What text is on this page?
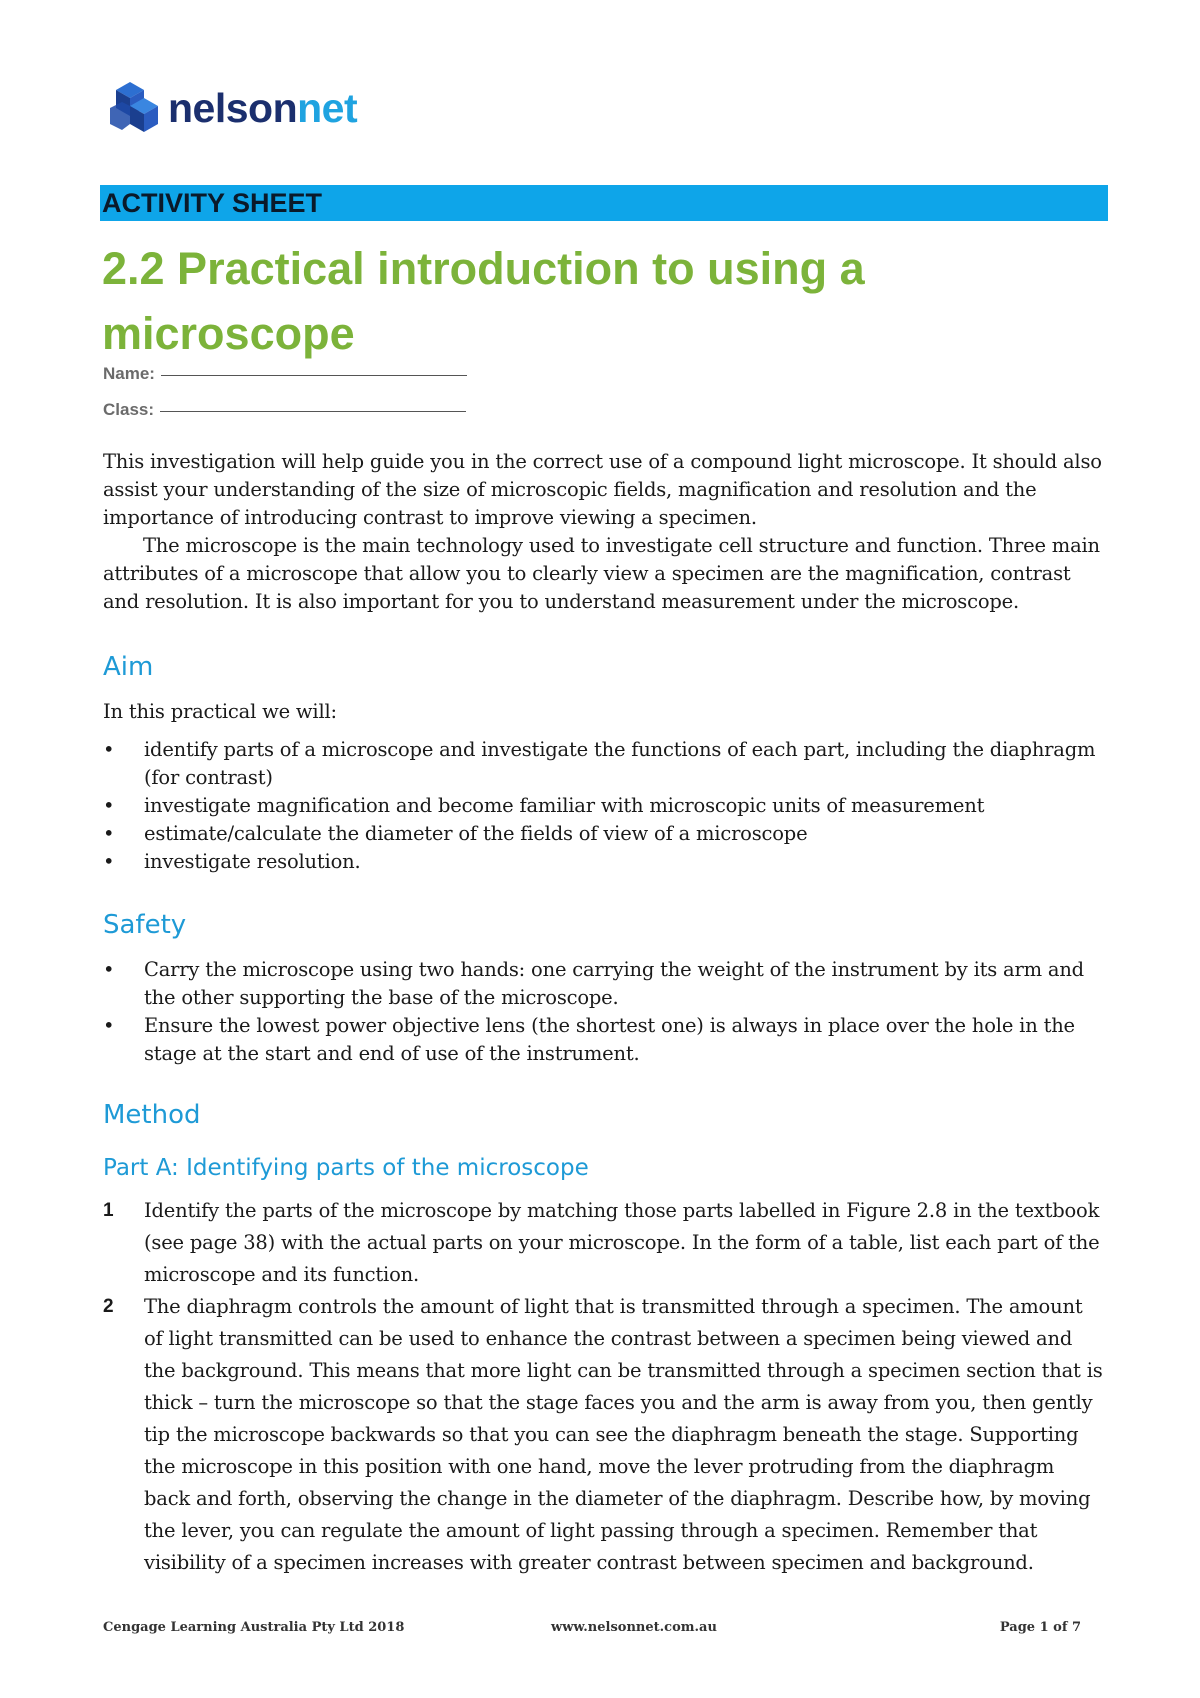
nelsonnet
ACTIVITY SHEET
2.2 Practical introduction to using a microscope
Name:
Class:

This investigation will help guide you in the correct use of a compound light microscope. It should also assist your understanding of the size of microscopic fields, magnification and resolution and the importance of introducing contrast to improve viewing a specimen.

The microscope is the main technology used to investigate cell structure and function. Three main attributes of a microscope that allow you to clearly view a specimen are the magnification, contrast and resolution. It is also important for you to understand measurement under the microscope.

Aim

In this practical we will:

• identify parts of a microscope and investigate the functions of each part, including the diaphragm (for contrast)
• investigate magnification and become familiar with microscopic units of measurement
• estimate/calculate the diameter of the fields of view of a microscope
• investigate resolution.
Safety
• Carry the microscope using two hands: one carrying the weight of the instrument by its arm and the other supporting the base of the microscope.
• Ensure the lowest power objective lens (the shortest one) is always in place over the hole in the stage at the start and end of use of the instrument.
Method
Part A: Identifying parts of the microscope
1 Identify the parts of the microscope by matching those parts labelled in Figure 2.8 in the textbook (see page 38) with the actual parts on your microscope. In the form of a table, list each part of the microscope and its function.
2 The diaphragm controls the amount of light that is transmitted through a specimen. The amount of light transmitted can be used to enhance the contrast between a specimen being viewed and the background. This means that more light can be transmitted through a specimen section that is thick – turn the microscope so that the stage faces you and the arm is away from you, then gently tip the microscope backwards so that you can see the diaphragm beneath the stage. Supporting the microscope in this position with one hand, move the lever protruding from the diaphragm back and forth, observing the change in the diameter of the diaphragm. Describe how, by moving the lever, you can regulate the amount of light passing through a specimen. Remember that visibility of a specimen increases with greater contrast between specimen and background.
Cengage Learning Australia Pty Ltd 2018	www.nelsonnet.com.au	Page 1 of 7
